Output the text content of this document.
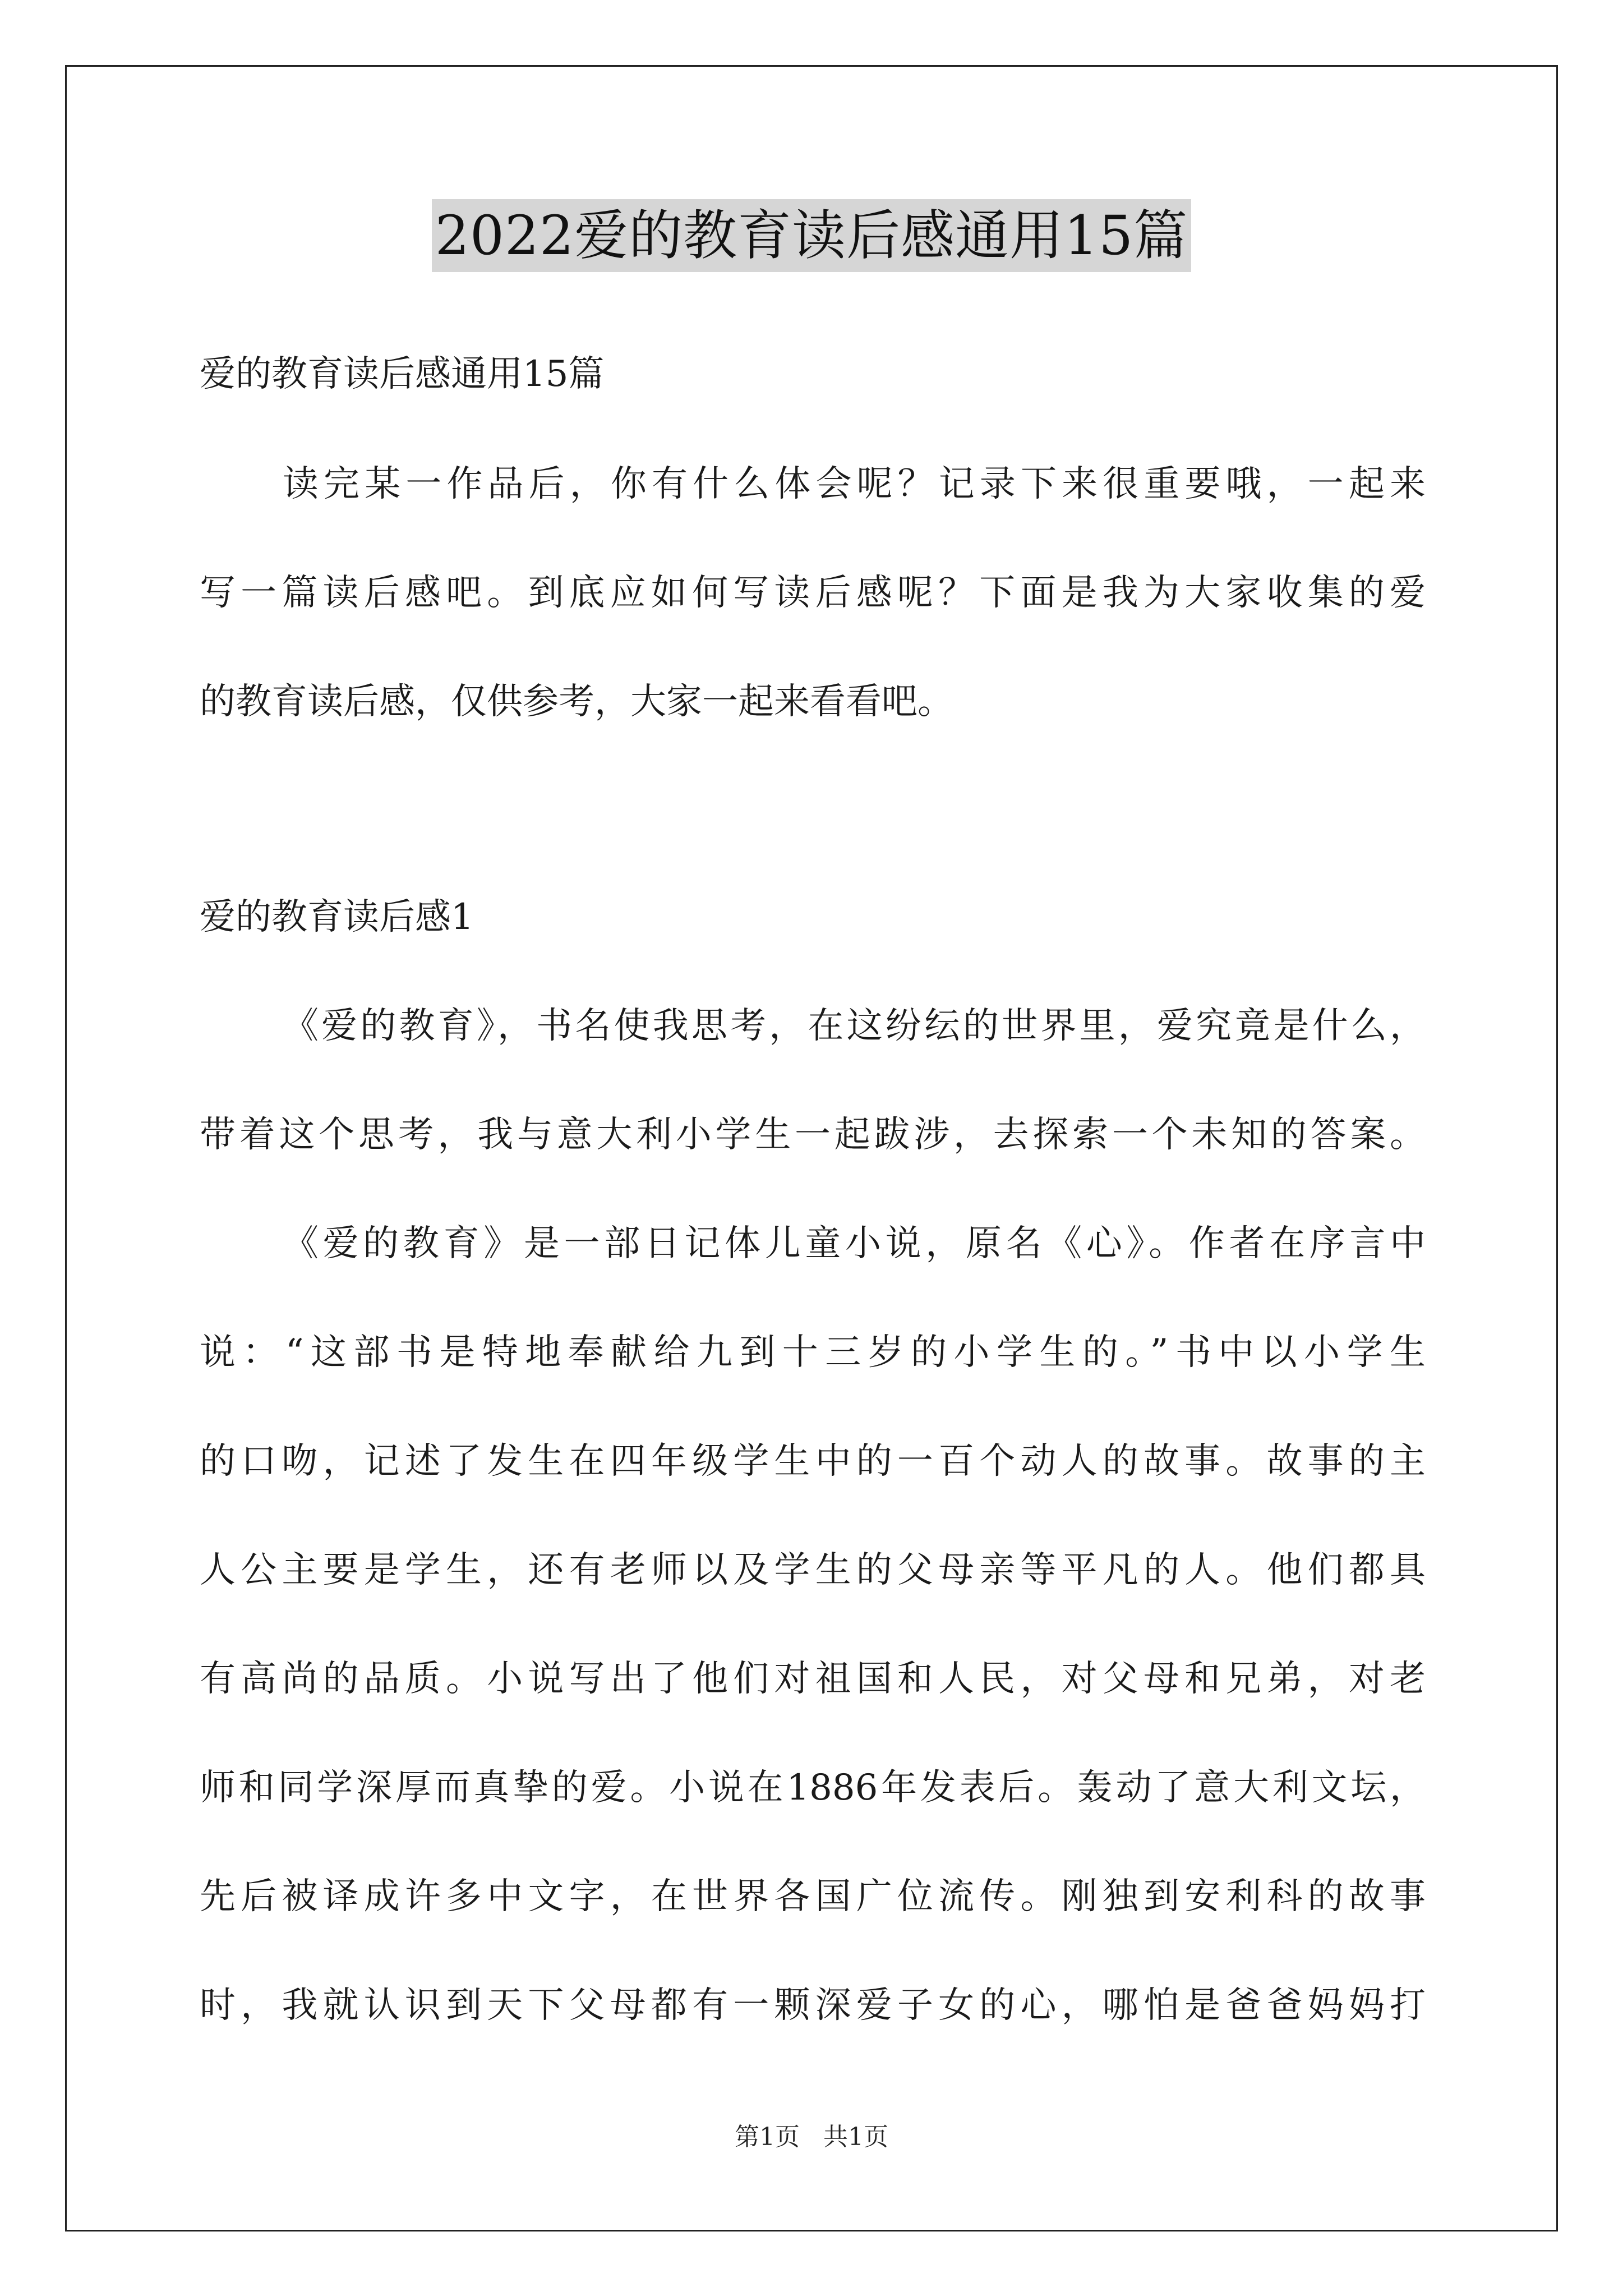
2022爱的教育读后感通用15篇
爱的教育读后感通用15篇
读完某一作品后，你有什么体会呢？记录下来很重要哦，一起来
写一篇读后感吧。到底应如何写读后感呢？下面是我为大家收集的爱
的教育读后感，仅供参考，大家一起来看看吧。
爱的教育读后感1
《爱的教育》，书名使我思考，在这纷纭的世界里，爱究竟是什么，
带着这个思考，我与意大利小学生一起跋涉，去探索一个未知的答案。
《爱的教育》是一部日记体儿童小说，原名《心》。作者在序言中
说：“这部书是特地奉献给九到十三岁的小学生的。”书中以小学生
的口吻，记述了发生在四年级学生中的一百个动人的故事。故事的主
人公主要是学生，还有老师以及学生的父母亲等平凡的人。他们都具
有高尚的品质。小说写出了他们对祖国和人民，对父母和兄弟，对老
师和同学深厚而真挚的爱。小说在1886年发表后。轰动了意大利文坛，
先后被译成许多中文字，在世界各国广位流传。刚独到安利科的故事
时，我就认识到天下父母都有一颗深爱子女的心，哪怕是爸爸妈妈打
第1页   共1页
